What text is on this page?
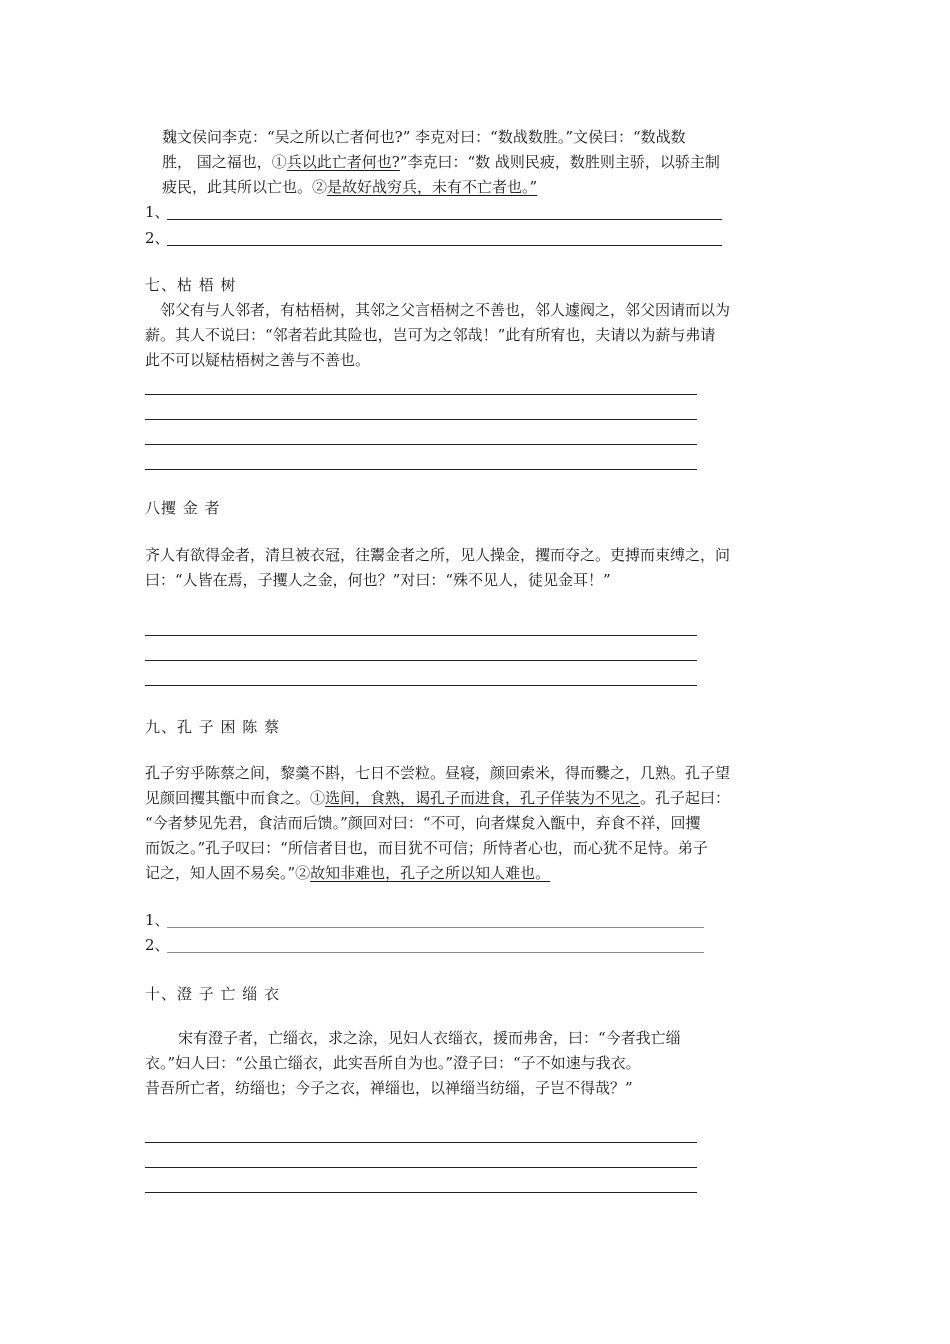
魏文侯问李克：“吴之所以亡者何也?” 李克对曰：“数战数胜。”文侯曰：“数战数
胜， 国之福也，①兵以此亡者何也?”李克曰：“数 战则民疲，数胜则主骄，以骄主制
疲民，此其所以亡也。②是故好战穷兵，未有不亡者也。”
1、
2、
七、枯 梧 树
邻父有与人邻者，有枯梧树，其邻之父言梧树之不善也，邻人遽阀之，邻父因请而以为
薪。其人不说曰：“邻者若此其险也，岂可为之邻哉！”此有所宥也，夫请以为薪与弗请
此不可以疑枯梧树之善与不善也。
八攫 金 者
齐人有欲得金者，清旦被衣冠，往鬻金者之所，见人操金，攫而夺之。吏搏而束缚之，问
曰：“人皆在焉，子攫人之金，何也？”对曰：“殊不见人，徒见金耳！”
九、孔 子 困 陈 蔡
孔子穷乎陈蔡之间，黎羹不斟，七日不尝粒。昼寝，颜回索米，得而爨之，几熟。孔子望
见颜回攫其甑中而食之。①选间，食熟，谒孔子而进食，孔子佯装为不见之。孔子起曰：
“今者梦见先君，食洁而后馈。”颜回对曰：“不可，向者煤炱入甑中，弃食不祥，回攫
而饭之。”孔子叹曰：“所信者目也，而目犹不可信；所恃者心也，而心犹不足恃。弟子
记之，知人固不易矣。”②故知非难也，孔子之所以知人难也。
1、
2、
十、澄 子 亡 缁 衣
宋有澄子者，亡缁衣，求之涂，见妇人衣缁衣，援而弗舍，曰：“今者我亡缁
衣。”妇人曰：“公虽亡缁衣，此实吾所自为也。”澄子曰：“子不如速与我衣。
昔吾所亡者，纺缁也；今子之衣，禅缁也，以禅缁当纺缁，子岂不得哉？”
